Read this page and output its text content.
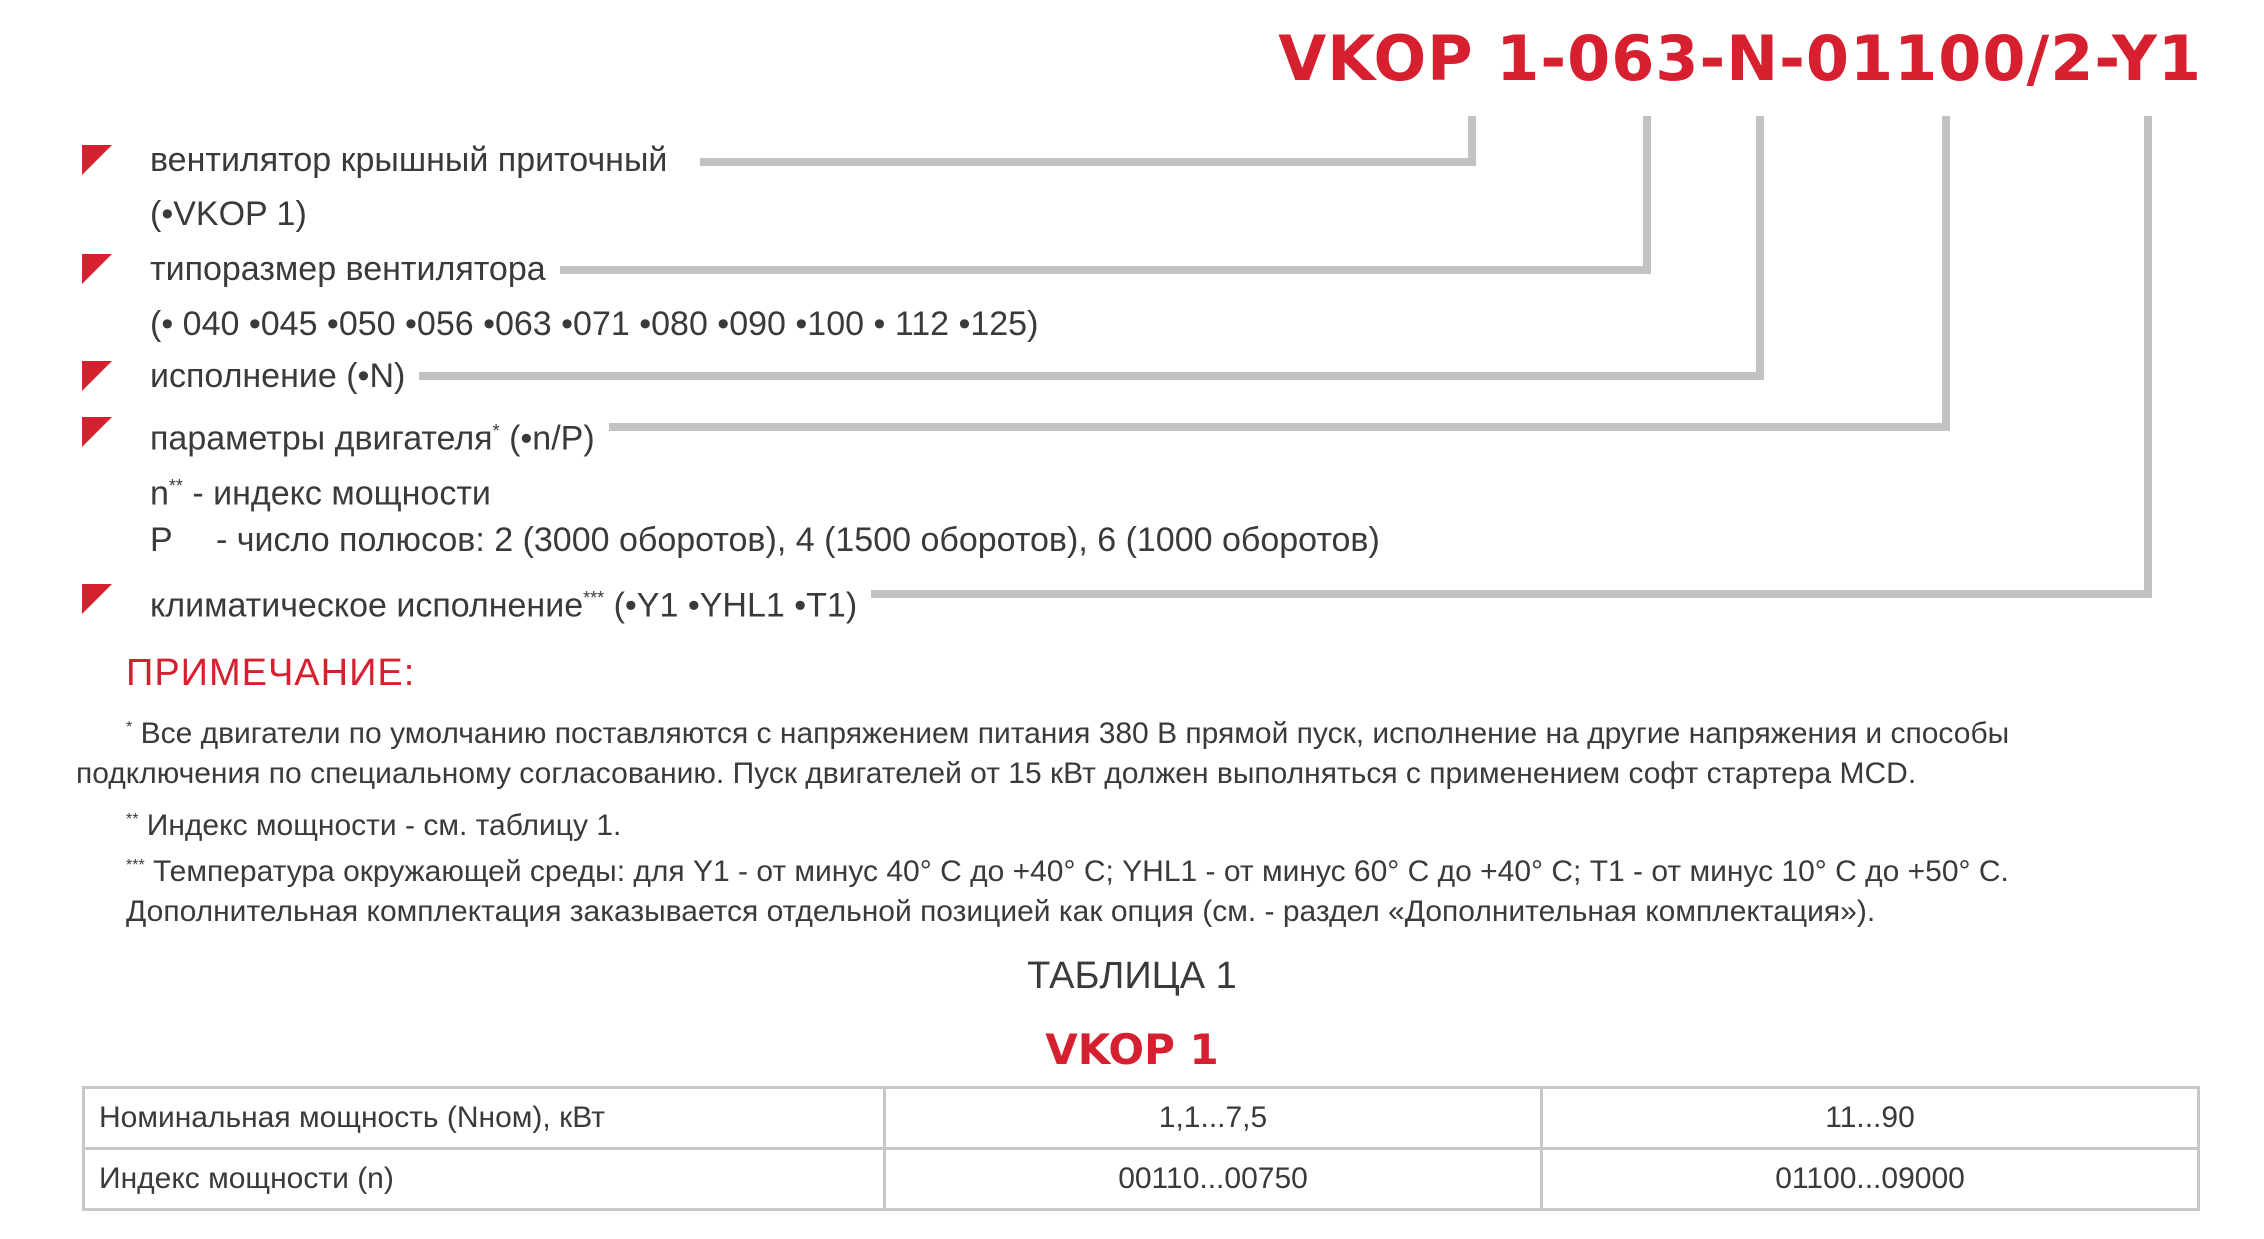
VKOP 1-063-N-01100/2-Y1
вентилятор крышный приточный
(•VKOP 1)
типоразмер вентилятора
(• 040 •045 •050 •056 •063 •071 •080 •090 •100 • 112 •125)
исполнение (•N)
параметры двигателя* (•n/P)
n** - индекс мощности
P	- число полюсов: 2 (3000 оборотов), 4 (1500 оборотов), 6 (1000 оборотов)
климатическое исполнение*** (•Y1 •YHL1 •T1)
ПРИМЕЧАНИЕ:
* Все двигатели по умолчанию поставляются с напряжением питания 380 В прямой пуск, исполнение на другие напряжения и способы
подключения по специальному согласованию. Пуск двигателей от 15 кВт должен выполняться с применением софт стартера MCD.
** Индекс мощности - см. таблицу 1.
*** Температура окружающей среды: для Y1 - от минус 40° С до +40° С; YHL1 - от минус 60° С до +40° С; T1 - от минус 10° С до +50° С.
Дополнительная комплектация заказывается отдельной позицией как опция (см. - раздел «Дополнительная комплектация»).
ТАБЛИЦА 1
VKOP 1
Номинальная мощность (Nном), кВт	1,1...7,5	11...90
Индекс мощности (n)	00110...00750	01100...09000
